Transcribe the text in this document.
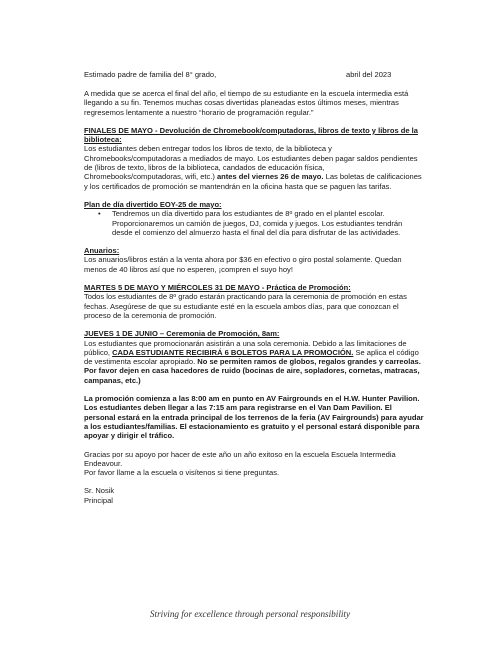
Estimado padre de familia del 8° grado,	abril del 2023

A medida que se acerca el final del año, el tiempo de su estudiante en la escuela intermedia está llegando a su fin. Tenemos muchas cosas divertidas planeadas estos últimos meses, mientras regresemos lentamente a nuestro “horario de programación regular.”

FINALES DE MAYO - Devolución de Chromebook/computadoras, libros de texto y libros de la biblioteca:

Los estudiantes deben entregar todos los libros de texto, de la biblioteca y Chromebooks/computadoras a mediados de mayo. Los estudiantes deben pagar saldos pendientes de (libros de texto, libros de la biblioteca, candados de educación física, Chromebooks/computadoras, wifi, etc.) antes del viernes 26 de mayo. Las boletas de calificaciones y los certificados de promoción se mantendrán en la oficina hasta que se paguen las tarifas.

Plan de día divertido EOY-25 de mayo:

• Tendremos un día divertido para los estudiantes de 8º grado en el plantel escolar. Proporcionaremos un camión de juegos, DJ, comida y juegos. Los estudiantes tendrán desde el comienzo del almuerzo hasta el final del día para disfrutar de las actividades.

Anuarios:

Los anuarios/libros están a la venta ahora por $36 en efectivo o giro postal solamente. Quedan menos de 40 libros así que no esperen, ¡compren el suyo hoy!

MARTES 5 DE MAYO Y MIÉRCOLES 31 DE MAYO - Práctica de Promoción:

Todos los estudiantes de 8º grado estarán practicando para la ceremonia de promoción en estas fechas. Asegúrese de que su estudiante esté en la escuela ambos días, para que conozcan el proceso de la ceremonia de promoción.

JUEVES 1 DE JUNIO – Ceremonia de Promoción, 8am:

Los estudiantes que promocionarán asistirán a una sola ceremonia. Debido a las limitaciones de público, CADA ESTUDIANTE RECIBIRÁ 6 BOLETOS PARA LA PROMOCIÓN. Se aplica el código de vestimenta escolar apropiado. No se permiten ramos de globos, regalos grandes y carreolas. Por favor dejen en casa hacedores de ruido (bocinas de aire, sopladores, cornetas, matracas, campanas, etc.)

La promoción comienza a las 8:00 am en punto en AV Fairgrounds en el H.W. Hunter Pavilion. Los estudiantes deben llegar a las 7:15 am para registrarse en el Van Dam Pavilion. El personal estará en la entrada principal de los terrenos de la feria (AV Fairgrounds) para ayudar a los estudiantes/familias. El estacionamiento es gratuito y el personal estará disponible para apoyar y dirigir el tráfico.

Gracias por su apoyo por hacer de este año un año exitoso en la escuela Escuela Intermedia Endeavour.

Por favor llame a la escuela o visítenos si tiene preguntas.

Sr. Nosik

Principal

Striving for excellence through personal responsibility
